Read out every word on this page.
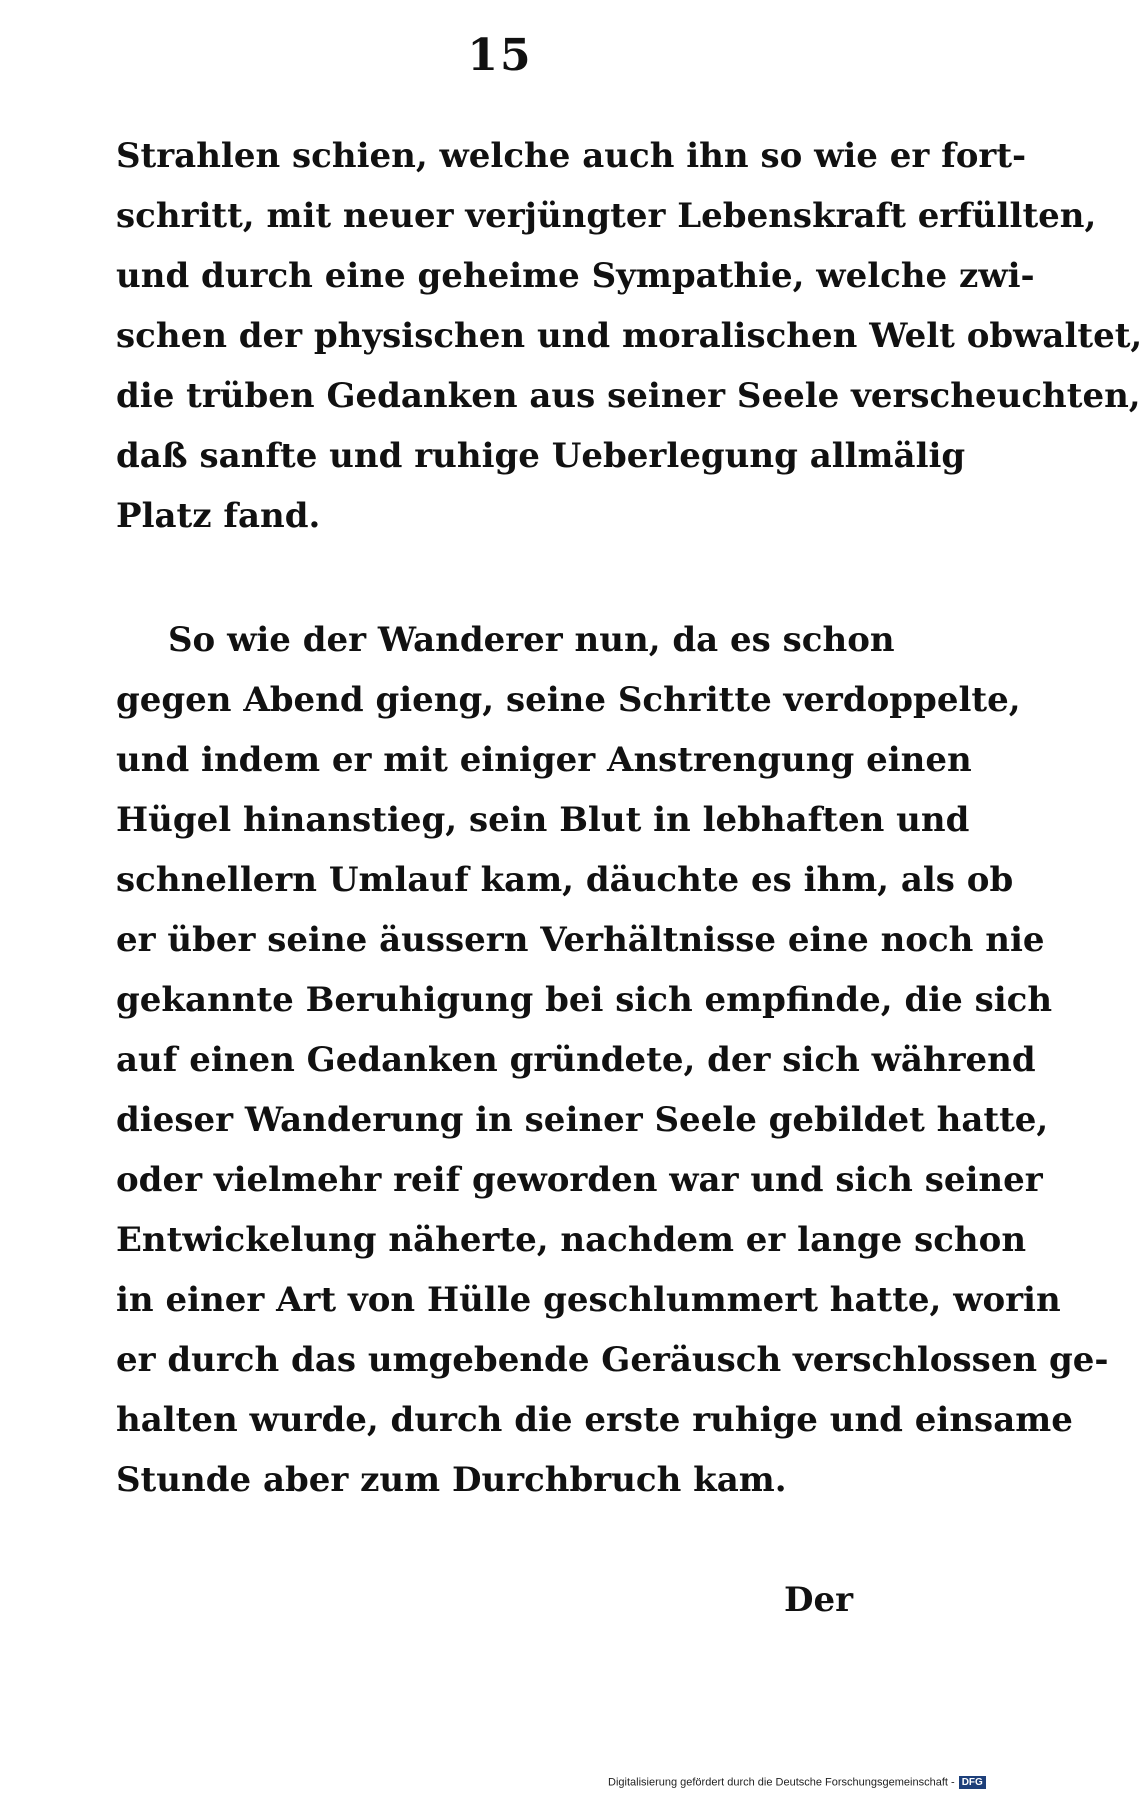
15
Strahlen schien, welche auch ihn so wie er fort-
schritt, mit neuer verjüngter Lebenskraft erfüllten,
und durch eine geheime Sympathie, welche zwi-
schen der physischen und moralischen Welt obwaltet,
die trüben Gedanken aus seiner Seele verscheuchten,
daß sanfte und ruhige Ueberlegung allmälig
Platz fand.
So wie der Wanderer nun, da es schon
gegen Abend gieng, seine Schritte verdoppelte,
und indem er mit einiger Anstrengung einen
Hügel hinanstieg, sein Blut in lebhaften und
schnellern Umlauf kam, däuchte es ihm, als ob
er über seine äussern Verhältnisse eine noch nie
gekannte Beruhigung bei sich empfinde, die sich
auf einen Gedanken gründete, der sich während
dieser Wanderung in seiner Seele gebildet hatte,
oder vielmehr reif geworden war und sich seiner
Entwickelung näherte, nachdem er lange schon
in einer Art von Hülle geschlummert hatte, worin
er durch das umgebende Geräusch verschlossen ge-
halten wurde, durch die erste ruhige und einsame
Stunde aber zum Durchbruch kam.
Der
Digitalisierung gefördert durch die Deutsche Forschungsgemeinschaft - DFG
